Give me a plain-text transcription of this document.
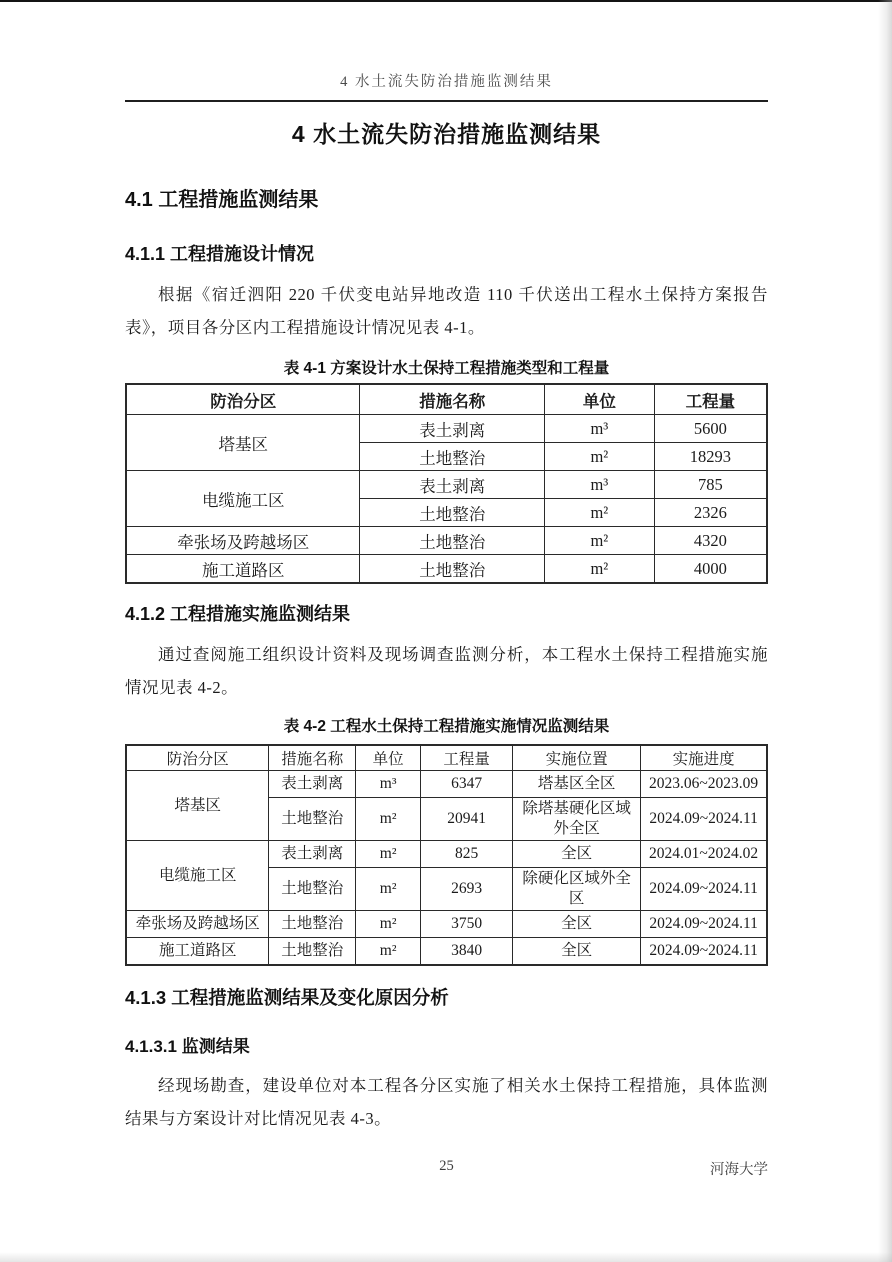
4 水土流失防治措施监测结果
4 水土流失防治措施监测结果
4.1 工程措施监测结果
4.1.1 工程措施设计情况

根据《宿迁泗阳 220 千伏变电站异地改造 110 千伏送出工程水土保持方案报告表》，项目各分区内工程措施设计情况见表 4-1。

表 4-1 方案设计水土保持工程措施类型和工程量
防治分区	措施名称	单位	工程量
塔基区	表土剥离	m³	5600
	土地整治	m²	18293
电缆施工区	表土剥离	m³	785
	土地整治	m²	2326
牵张场及跨越场区	土地整治	m²	4320
施工道路区	土地整治	m²	4000
4.1.2 工程措施实施监测结果

通过查阅施工组织设计资料及现场调查监测分析，本工程水土保持工程措施实施情况见表 4-2。

表 4-2 工程水土保持工程措施实施情况监测结果
防治分区	措施名称	单位	工程量	实施位置	实施进度
塔基区	表土剥离	m³	6347	塔基区全区	2023.06~2023.09
	土地整治	m²	20941	除塔基硬化区域外全区	2024.09~2024.11
电缆施工区	表土剥离	m²	825	全区	2024.01~2024.02
	土地整治	m²	2693	除硬化区域外全区	2024.09~2024.11
牵张场及跨越场区	土地整治	m²	3750	全区	2024.09~2024.11
施工道路区	土地整治	m²	3840	全区	2024.09~2024.11
4.1.3 工程措施监测结果及变化原因分析
4.1.3.1 监测结果

经现场勘查，建设单位对本工程各分区实施了相关水土保持工程措施，具体监测结果与方案设计对比情况见表 4-3。

25	河海大学
